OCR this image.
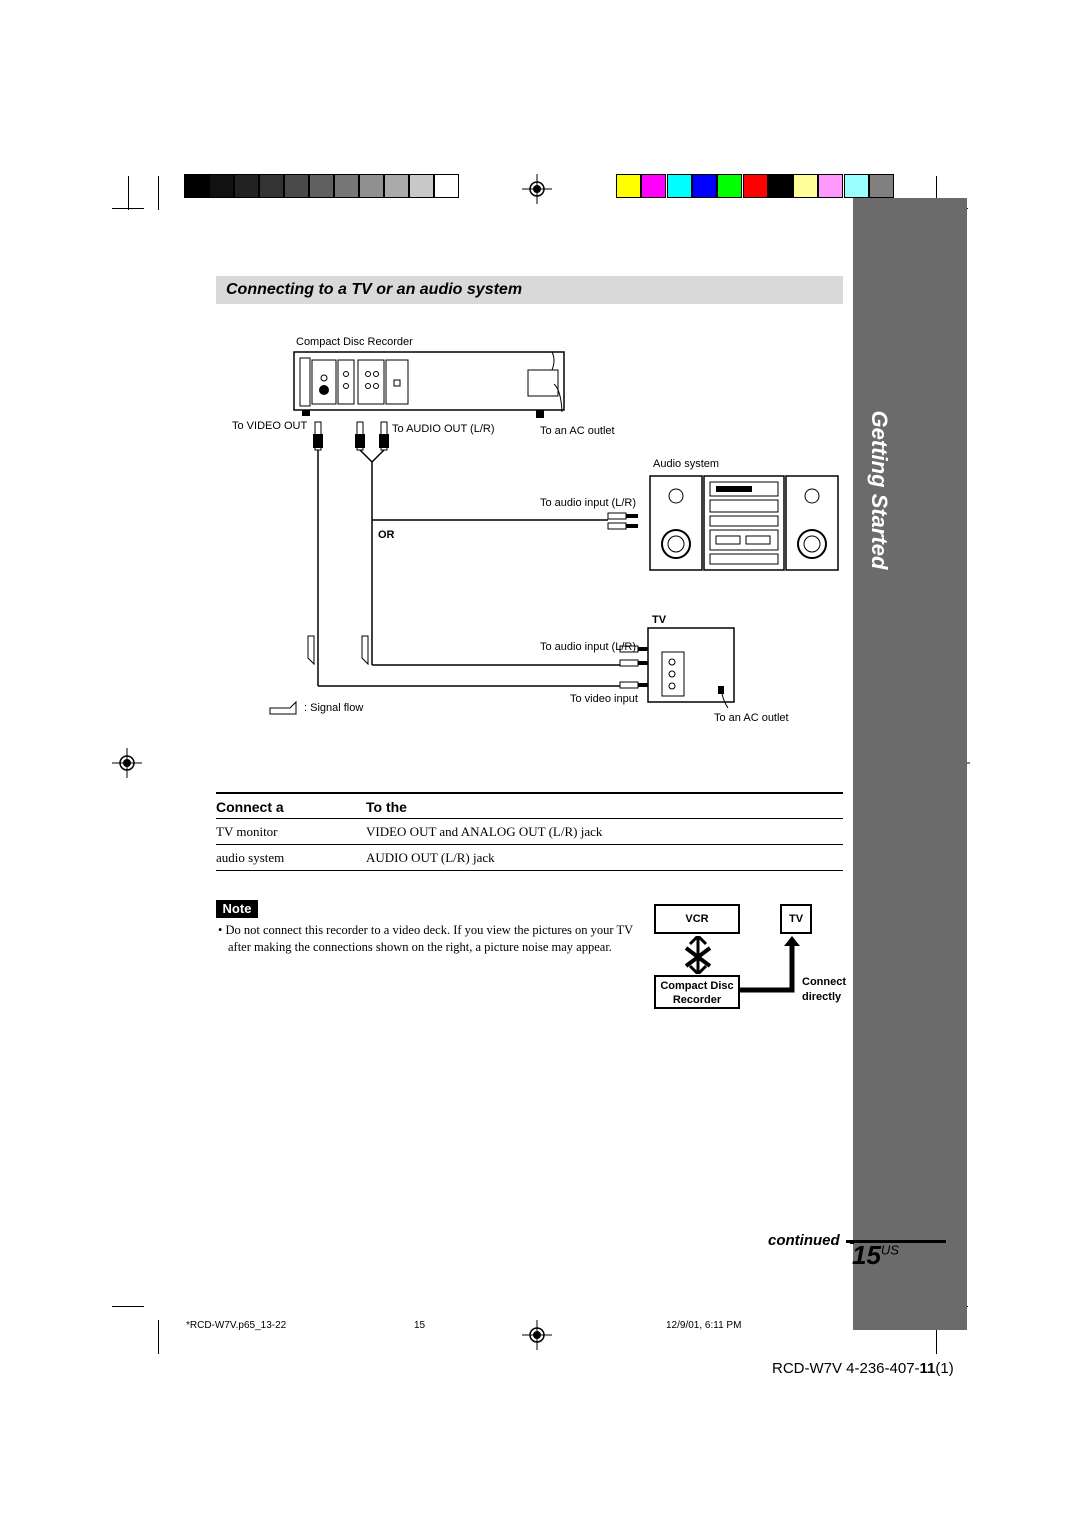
Getting Started
Connecting to a TV or an audio system
Compact Disc Recorder
To VIDEO OUT	To AUDIO OUT (L/R)	To an AC outlet
Audio system
To audio input (L/R)
OR
TV
To audio input (L/R)
To video input
To an AC outlet
: Signal flow
Connect a	To the
TV monitor	VIDEO OUT and ANALOG OUT (L/R) jack
audio system	AUDIO OUT (L/R) jack
Note
• Do not connect this recorder to a video deck. If you view the pictures on your TV after making the connections shown on the right, a picture noise may appear.
VCR	TV
Compact Disc
Recorder
Connect
directly
continued $15^{US}$
*RCD-W7V.p65_13-22	15	12/9/01, 6:11 PM
RCD-W7V 4-236-407-11(1)
